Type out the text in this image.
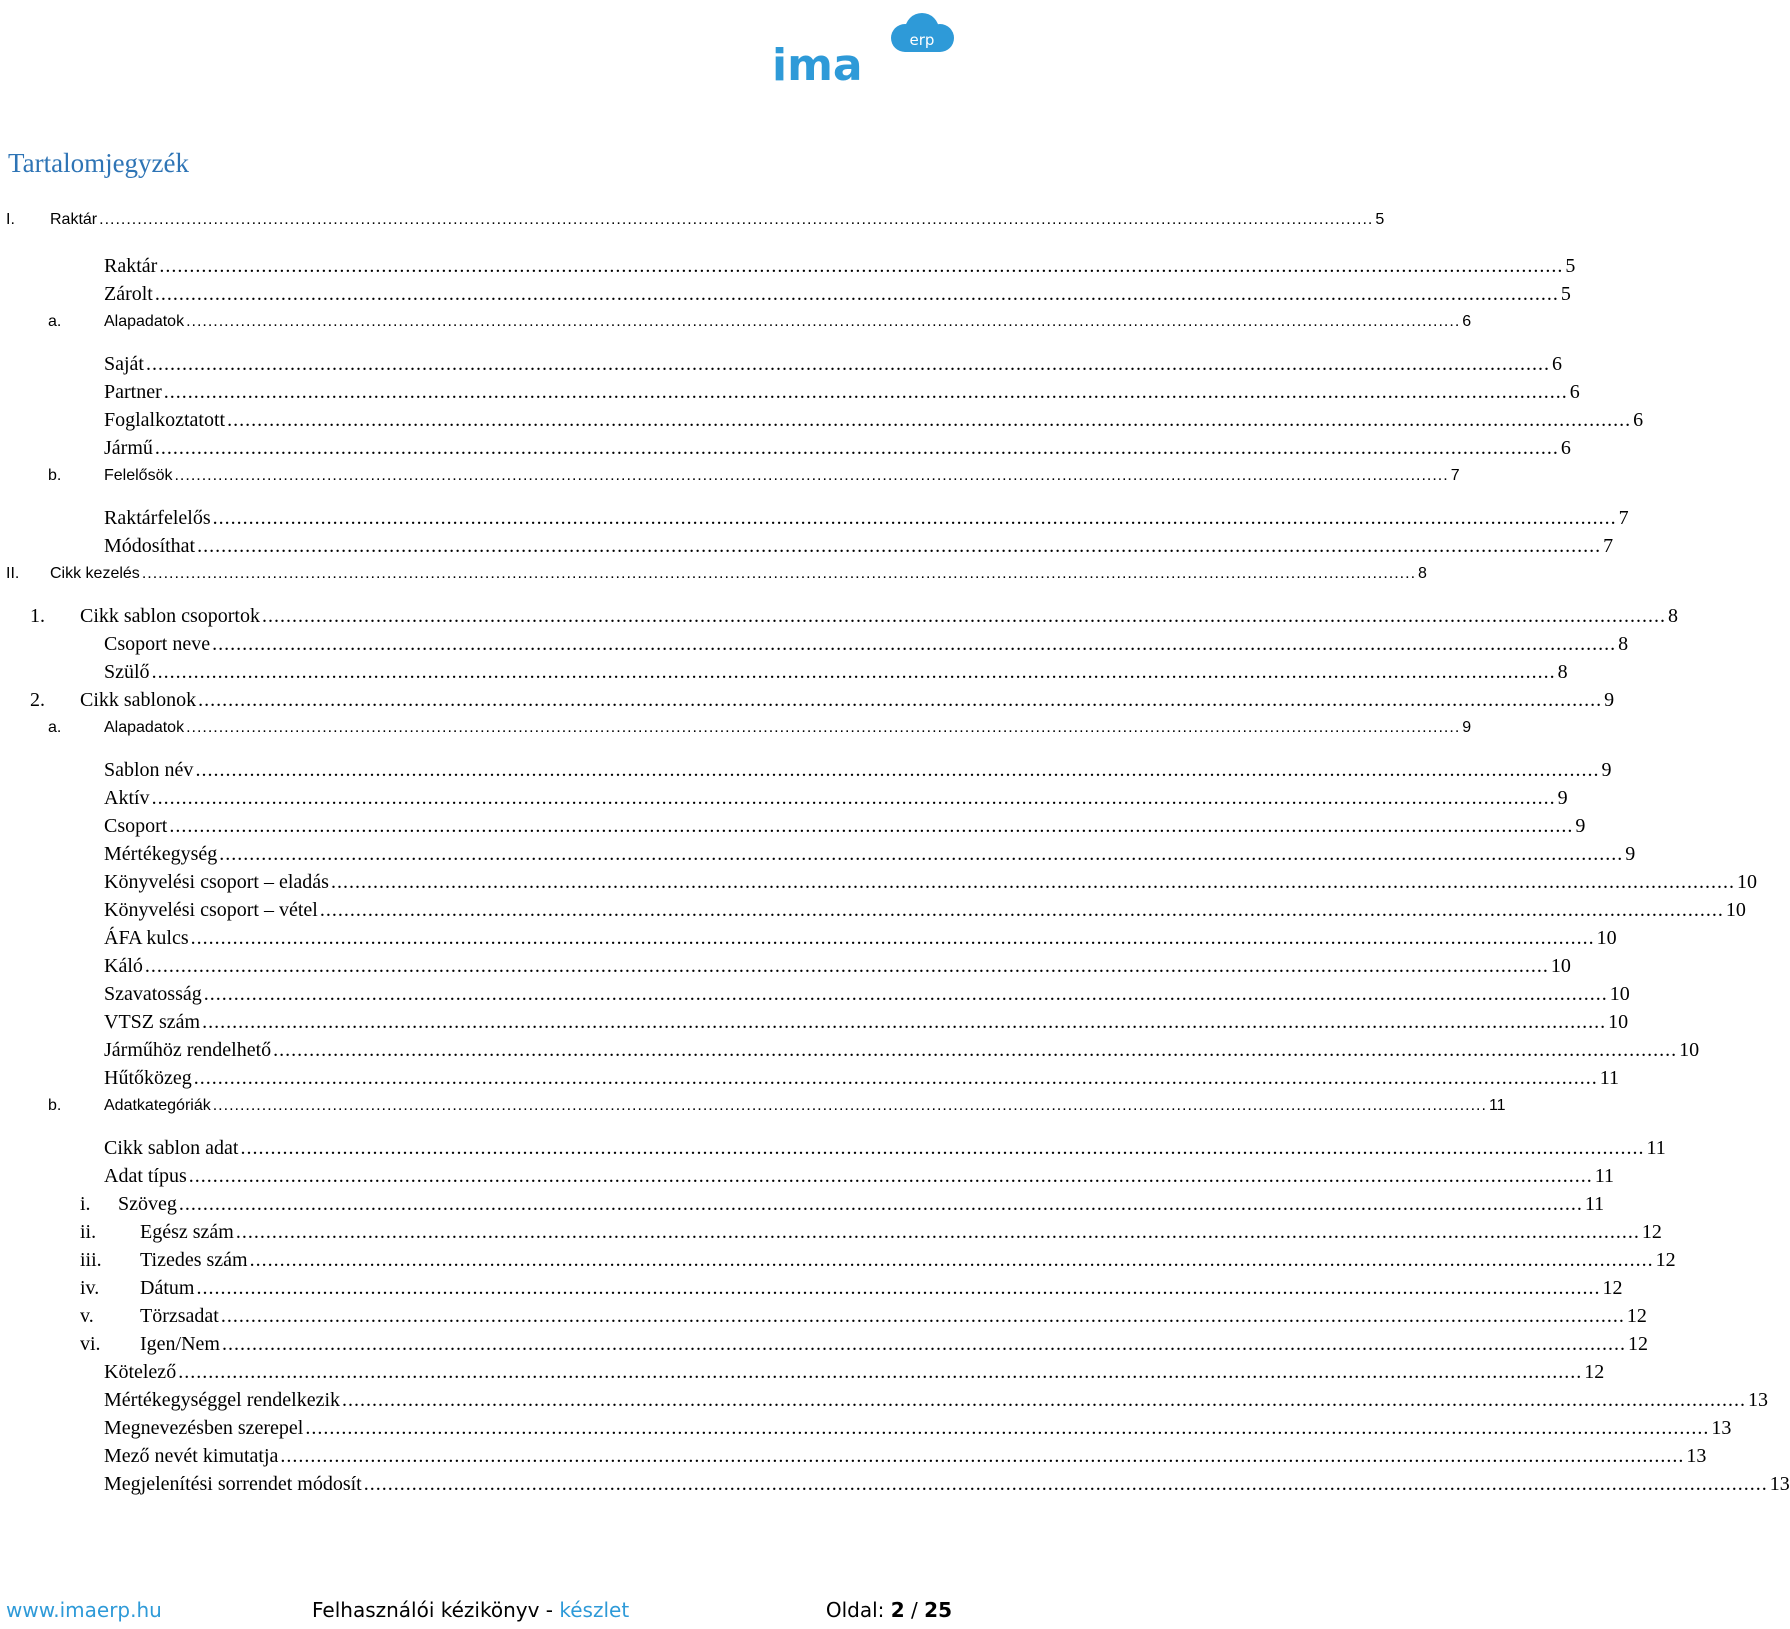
erp
ima
Tartalomjegyzék
I. Raktár .....	5
Raktár .....	5
Zárolt .....	5
a.	Alapadatok .....	6
Saját .....	6
Partner .....	6
Foglalkoztatott .....	6
Jármű .....	6
b.	Felelősök .....	7
Raktárfelelős .....	7
Módosíthat .....	7
II. Cikk kezelés .....	8
1. Cikk sablon csoportok .....	8
Csoport neve .....	8
Szülő .....	8
2. Cikk sablonok .....	9
a.	Alapadatok .....	9
Sablon név .....	9
Aktív .....	9
Csoport .....	9
Mértékegység .....	9
Könyvelési csoport – eladás .....	10
Könyvelési csoport – vétel .....	10
ÁFA kulcs .....	10
Káló .....	10
Szavatosság .....	10
VTSZ szám .....	10
Járműhöz rendelhető .....	10
Hűtőközeg .....	11
b.	Adatkategóriák .....	11
Cikk sablon adat .....	11
Adat típus .....	11
i. Szöveg .....	11
ii. Egész szám .....	12
iii. Tizedes szám .....	12
iv. Dátum .....	12
v. Törzsadat .....	12
vi. Igen/Nem .....	12
Kötelező .....	12
Mértékegységgel rendelkezik .....	13
Megnevezésben szerepel .....	13
Mező nevét kimutatja .....	13
Megjelenítési sorrendet módosít .....	13
www.imaerp.hu	Felhasználói kézikönyv - készlet	Oldal: 2 / 25
